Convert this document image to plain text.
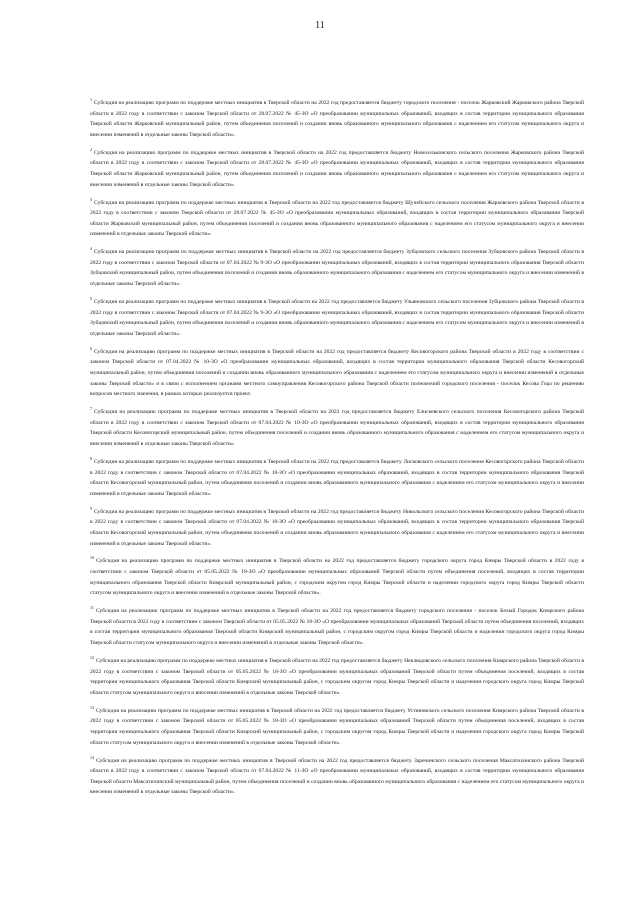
11

$^1$Субсидия на реализацию программ по поддержке местных инициатив в Тверской области на 2022 год предоставляется бюджету городского поселения - поселок Жарковский Жарковского района Тверской области в 2022 году в соответствии с законом Тверской области от 28.07.2022 № 45-ЗО «О преобразовании муниципальных образований, входящих в состав территории муниципального образования Тверской области Жарковский муниципальный район, путем объединения поселений и создании вновь образованного муниципального образования с наделением его статусом муниципального округа и внесении изменений в отдельные законы Тверской области».

$^2$Субсидия на реализацию программ по поддержке местных инициатив в Тверской области на 2022 год предоставляется бюджету Новосельковского сельского поселения Жарковского района Тверской области в 2022 году в соответствии с законом Тверской области от 28.07.2022 № 45-ЗО «О преобразовании муниципальных образований, входящих в состав территории муниципального образования Тверской области Жарковский муниципальный район, путем объединения поселений и создании вновь образованного муниципального образования с наделением его статусом муниципального округа и внесении изменений в отдельные законы Тверской области».

$^3$Субсидия на реализацию программ по поддержке местных инициатив в Тверской области на 2022 год предоставляется бюджету Щучейского сельского поселения Жарковского района Тверской области в 2022 году в соответствии с законом Тверской области от 28.07.2022 № 45-ЗО «О преобразовании муниципальных образований, входящих в состав территории муниципального образования Тверской области Жарковский муниципальный район, путем объединения поселений и создании вновь образованного муниципального образования с наделением его статусом муниципального округа и внесении изменений в отдельные законы Тверской области».

$^4$Субсидия на реализацию программ по поддержке местных инициатив в Тверской области на 2022 год предоставляется бюджету Зубцовского сельского поселения Зубцовского района Тверской области в 2022 году в соответствии с законом Тверской области от 07.04.2022 № 9-ЗО «О преобразовании муниципальных образований, входящих в состав территории муниципального образования Тверской области Зубцовский муниципальный район, путем объединения поселений и создании вновь образованного муниципального образования с наделением его статусом муниципального округа и внесении изменений в отдельные законы Тверской области».

$^5$Субсидия на реализацию программ по поддержке местных инициатив в Тверской области на 2022 год предоставляется бюджету Ульяновского сельского поселения Зубцовского района Тверской области в 2022 году в соответствии с законом Тверской области от 07.04.2022 № 9-ЗО «О преобразовании муниципальных образований, входящих в состав территории муниципального образования Тверской области Зубцовский муниципальный район, путем объединения поселений и создании вновь образованного муниципального образования с наделением его статусом муниципального округа и внесении изменений в отдельные законы Тверской области».

$^6$Субсидия на реализацию программ по поддержке местных инициатив в Тверской области на 2022 год предоставляется бюджету Кесовогорского района Тверской области в 2022 году в соответствии с законом Тверской области от 07.04.2022 № 10-ЗО «О преобразовании муниципальных образований, входящих в состав территории муниципального образования Тверской области Кесовогорский муниципальный район, путем объединения поселений и создании вновь образованного муниципального образования с наделением его статусом муниципального округа и внесении изменений в отдельные законы Тверской области» и в связи с исполнением органами местного самоуправления Кесовогорского района Тверской области полномочий городского поселения - поселок Кесова Гора по решению вопросов местного значения, в рамках которых реализуется проект.

$^7$Субсидия на реализацию программ по поддержке местных инициатив в Тверской области на 2022 год предоставляется бюджету Елисеевского сельского поселения Кесовогорского района Тверской области в 2022 году в соответствии с законом Тверской области от 07.04.2022 № 10-ЗО «О преобразовании муниципальных образований, входящих в состав территории муниципального образования Тверской области Кесовогорский муниципальный район, путем объединения поселений и создании вновь образованного муниципального образования с наделением его статусом муниципального округа и внесении изменений в отдельные законы Тверской области».

$^8$Субсидия на реализацию программ по поддержке местных инициатив в Тверской области на 2022 год предоставляется бюджету Лисковского сельского поселения Кесовогорского района Тверской области в 2022 году в соответствии с законом Тверской области от 07.04.2022 № 10-ЗО «О преобразовании муниципальных образований, входящих в состав территории муниципального образования Тверской области Кесовогорский муниципальный район, путем объединения поселений и создании вновь образованного муниципального образования с наделением его статусом муниципального округа и внесении изменений в отдельные законы Тверской области».

$^9$Субсидия на реализацию программ по поддержке местных инициатив в Тверской области на 2022 год предоставляется бюджету Никольского сельского поселения Кесовогорского района Тверской области в 2022 году в соответствии с законом Тверской области от 07.04.2022 № 10-ЗО «О преобразовании муниципальных образований, входящих в состав территории муниципального образования Тверской области Кесовогорский муниципальный район, путем объединения поселений и создании вновь образованного муниципального образования с наделением его статусом муниципального округа и внесении изменений в отдельные законы Тверской области».

$^{10}$Субсидия на реализацию программ по поддержке местных инициатив в Тверской области на 2022 год предоставляется бюджету городского округа город Кимры Тверской области в 2022 году в соответствии с законом Тверской области от 05.05.2022 № 18-ЗО «О преобразовании муниципальных образований Тверской области путем объединения поселений, входящих в состав территории муниципального образования Тверской области Кимрский муниципальный район, с городским округом город Кимры Тверской области и наделении городского округа город Кимры Тверской области статусом муниципального округа и внесении изменений в отдельные законы Тверской области».

$^{11}$Субсидия на реализацию программ по поддержке местных инициатив в Тверской области на 2022 год предоставляется бюджету городского поселения - поселок Белый Городок Кимрского района Тверской области в 2022 году в соответствии с законом Тверской области от 05.05.2022 № 18-ЗО «О преобразовании муниципальных образований Тверской области путем объединения поселений, входящих в состав территории муниципального образования Тверской области Кимрский муниципальный район, с городским округом город Кимры Тверской области и наделении городского округа город Кимры Тверской области статусом муниципального округа и внесении изменений в отдельные законы Тверской области».

$^{12}$Субсидия на реализацию программ по поддержке местных инициатив в Тверской области на 2022 год предоставляется бюджету Неклюдовского сельского поселения Кимрского района Тверской области в 2022 году в соответствии с законом Тверской области от 05.05.2022 № 18-ЗО «О преобразовании муниципальных образований Тверской области путем объединения поселений, входящих в состав территории муниципального образования Тверской области Кимрский муниципальный район, с городским округом город Кимры Тверской области и наделении городского округа город Кимры Тверской области статусом муниципального округа и внесении изменений в отдельные законы Тверской области».

$^{13}$Субсидия на реализацию программ по поддержке местных инициатив в Тверской области на 2022 год предоставляется бюджету Устиновского сельского поселения Кимрского района Тверской области в 2022 году в соответствии с законом Тверской области от 05.05.2022 № 18-ЗО «О преобразовании муниципальных образований Тверской области путем объединения поселений, входящих в состав территории муниципального образования Тверской области Кимрский муниципальный район, с городским округом город Кимры Тверской области и наделении городского округа город Кимры Тверской области статусом муниципального округа и внесении изменений в отдельные законы Тверской области».

$^{14}$Субсидия на реализацию программ по поддержке местных инициатив в Тверской области на 2022 год предоставляется бюджету Заречинского сельского поселения Максатихинского района Тверской области в 2022 году в соответствии с законом Тверской области от 07.04.2022 № 11-ЗО «О преобразовании муниципальных образований, входящих в состав территории муниципального образования Тверской области Максатихинский муниципальный район, путем объединения поселений и создании вновь образованного муниципального образования с наделением его статусом муниципального округа и внесении изменений в отдельные законы Тверской области».
